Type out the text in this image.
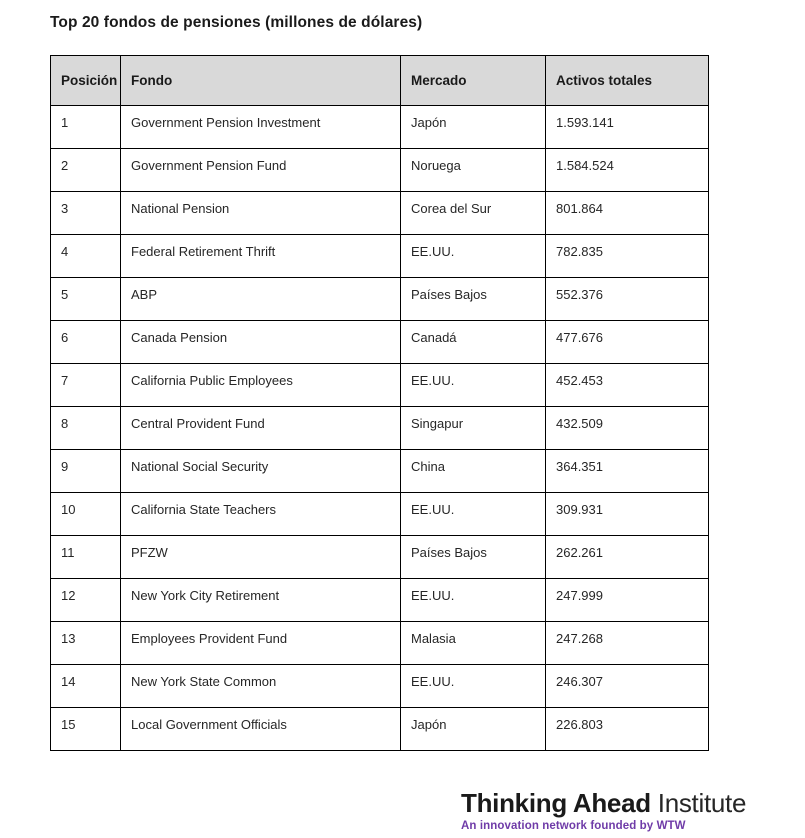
Top 20 fondos de pensiones (millones de dólares)
Posición	Fondo	Mercado	Activos totales
1	Government Pension Investment	Japón	1.593.141
2	Government Pension Fund	Noruega	1.584.524
3	National Pension	Corea del Sur	801.864
4	Federal Retirement Thrift	EE.UU.	782.835
5	ABP	Países Bajos	552.376
6	Canada Pension	Canadá	477.676
7	California Public Employees	EE.UU.	452.453
8	Central Provident Fund	Singapur	432.509
9	National Social Security	China	364.351
10	California State Teachers	EE.UU.	309.931
11	PFZW	Países Bajos	262.261
12	New York City Retirement	EE.UU.	247.999
13	Employees Provident Fund	Malasia	247.268
14	New York State Common	EE.UU.	246.307
15	Local Government Officials	Japón	226.803
Thinking Ahead Institute
An innovation network founded by WTW
